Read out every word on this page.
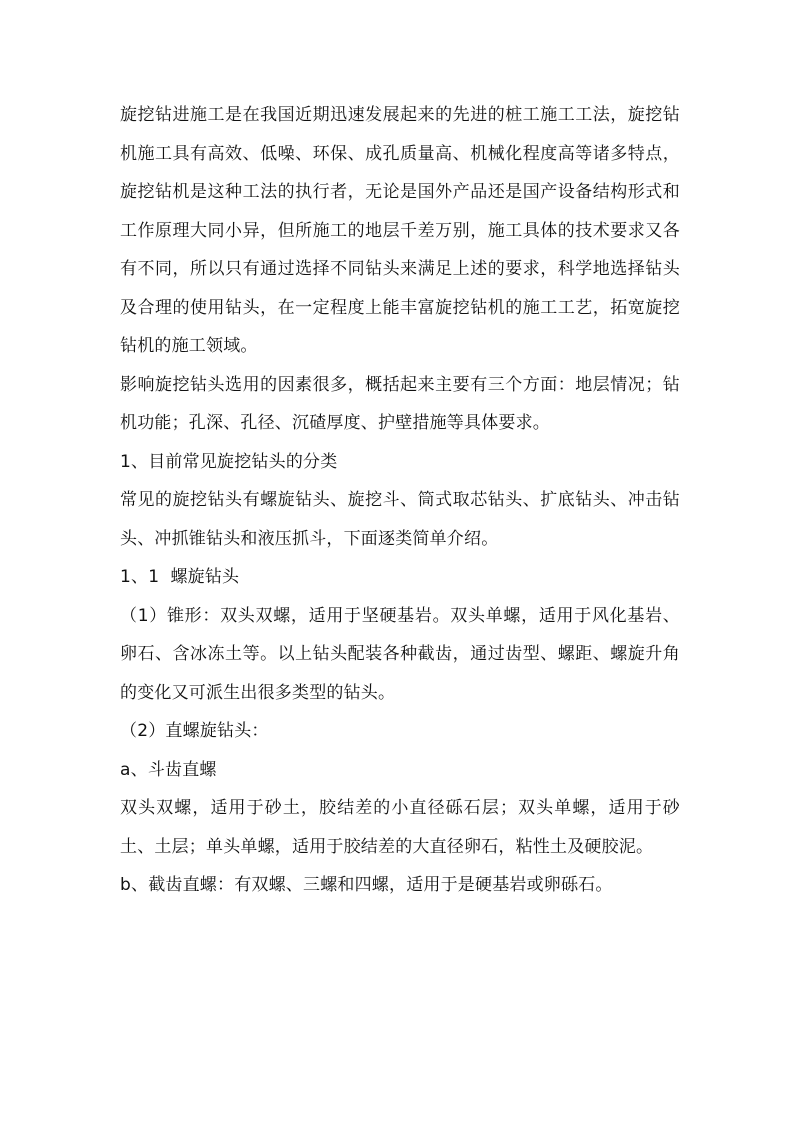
旋挖钻进施工是在我国近期迅速发展起来的先进的桩工施工工法，旋挖钻机施工具有高效、低噪、环保、成孔质量高、机械化程度高等诸多特点，旋挖钻机是这种工法的执行者，无论是国外产品还是国产设备结构形式和工作原理大同小异，但所施工的地层千差万别，施工具体的技术要求又各有不同，所以只有通过选择不同钻头来满足上述的要求，科学地选择钻头及合理的使用钻头，在一定程度上能丰富旋挖钻机的施工工艺，拓宽旋挖钻机的施工领域。

影响旋挖钻头选用的因素很多，概括起来主要有三个方面：地层情况；钻机功能；孔深、孔径、沉碴厚度、护壁措施等具体要求。

1、目前常见旋挖钻头的分类

常见的旋挖钻头有螺旋钻头、旋挖斗、筒式取芯钻头、扩底钻头、冲击钻头、冲抓锥钻头和液压抓斗，下面逐类简单介绍。

1、1  螺旋钻头

（1）锥形：双头双螺，适用于坚硬基岩。双头单螺，适用于风化基岩、卵石、含冰冻土等。以上钻头配装各种截齿，通过齿型、螺距、螺旋升角的变化又可派生出很多类型的钻头。

（2）直螺旋钻头：

a、斗齿直螺

双头双螺，适用于砂土，胶结差的小直径砾石层；双头单螺，适用于砂土、土层；单头单螺，适用于胶结差的大直径卵石，粘性土及硬胶泥。

b、截齿直螺：有双螺、三螺和四螺，适用于是硬基岩或卵砾石。
